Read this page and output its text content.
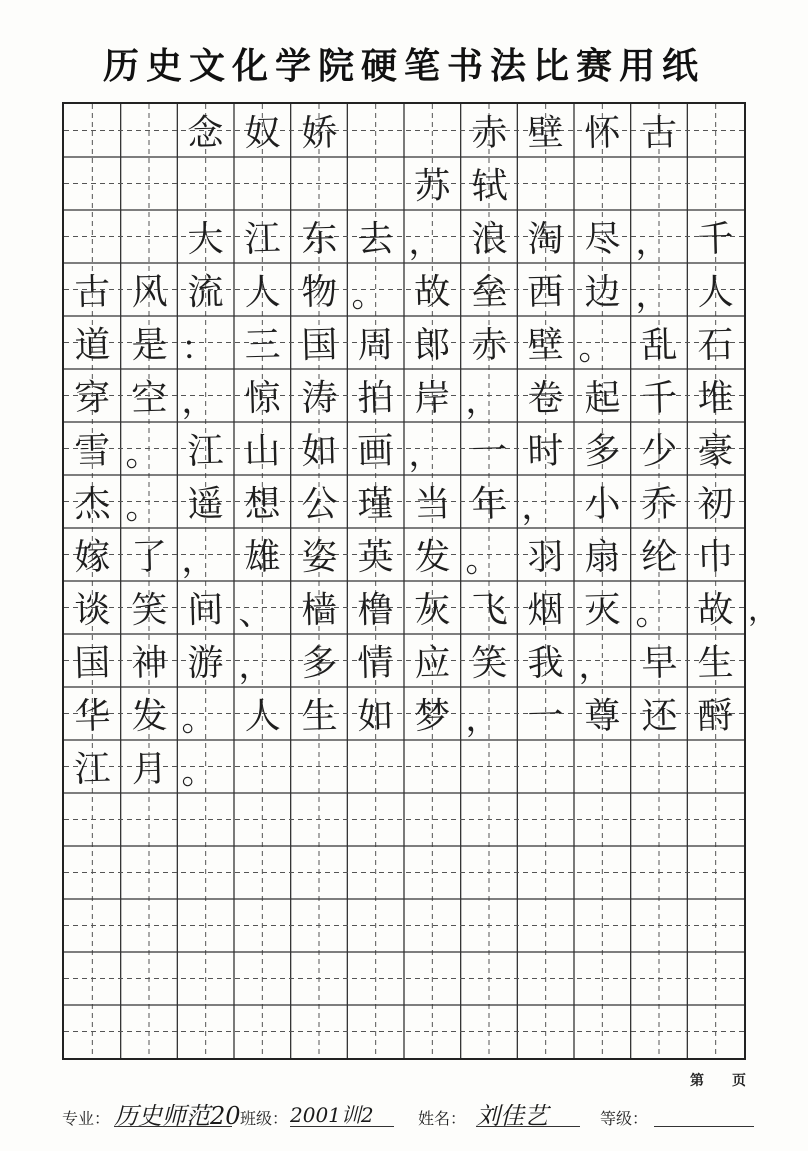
历史文化学院硬笔书法比赛用纸
念 奴 娇	赤 壁 怀 古
苏 轼
大 江 东 去 ， 浪 淘 尽 ， 千
古 风 流 人 物 。 故 垒 西 边 ， 人
道 是 ： 三 国 周 郎 赤 壁 。 乱 石
穿 空 ， 惊 涛 拍 岸 ， 卷 起 千 堆
雪 。 江 山 如 画 ， 一 时 多 少 豪
杰 。 遥 想 公 瑾 当 年 ， 小 乔 初
嫁 了 ， 雄 姿 英 发 。 羽 扇 纶 巾
谈 笑 间 、 樯 橹 灰 飞 烟 灭 。 故
国 神 游 ， 多 情 应 笑 我 ， 早 生
华 发 。 人 生 如 梦 ， 一 尊 还 酹
江 月 。
，
第 页
专业： 历史师范20 班级： 2001训2	姓名： 刘佳艺	等级：
